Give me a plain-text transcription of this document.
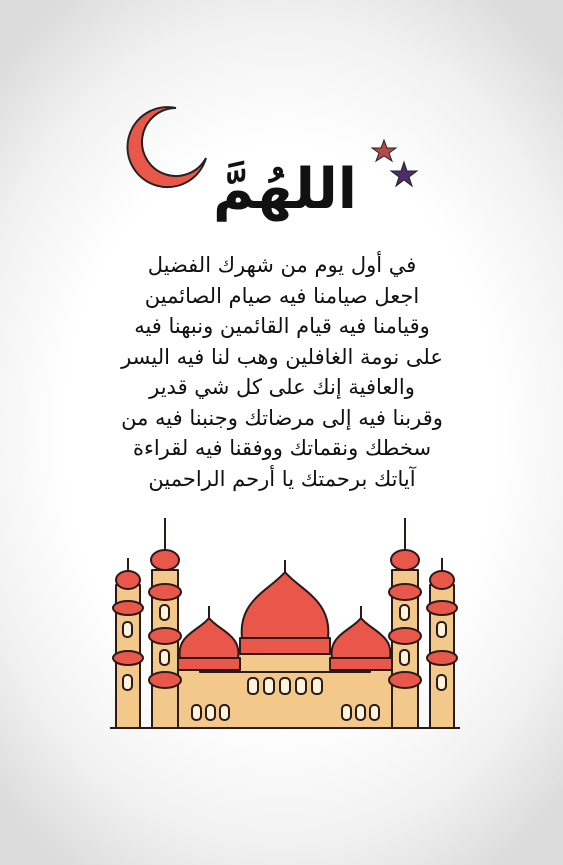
اللهُمَّ
في أول يوم من شهرك الفضيل
اجعل صيامنا فيه صيام الصائمين
وقيامنا فيه قيام القائمين ونبهنا فيه
على نومة الغافلين وهب لنا فيه اليسر
والعافية إنك على كل شي قدير
وقربنا فيه إلى مرضاتك وجنبنا فيه من
سخطك ونقماتك ووفقنا فيه لقراءة
آياتك برحمتك يا أرحم الراحمين
